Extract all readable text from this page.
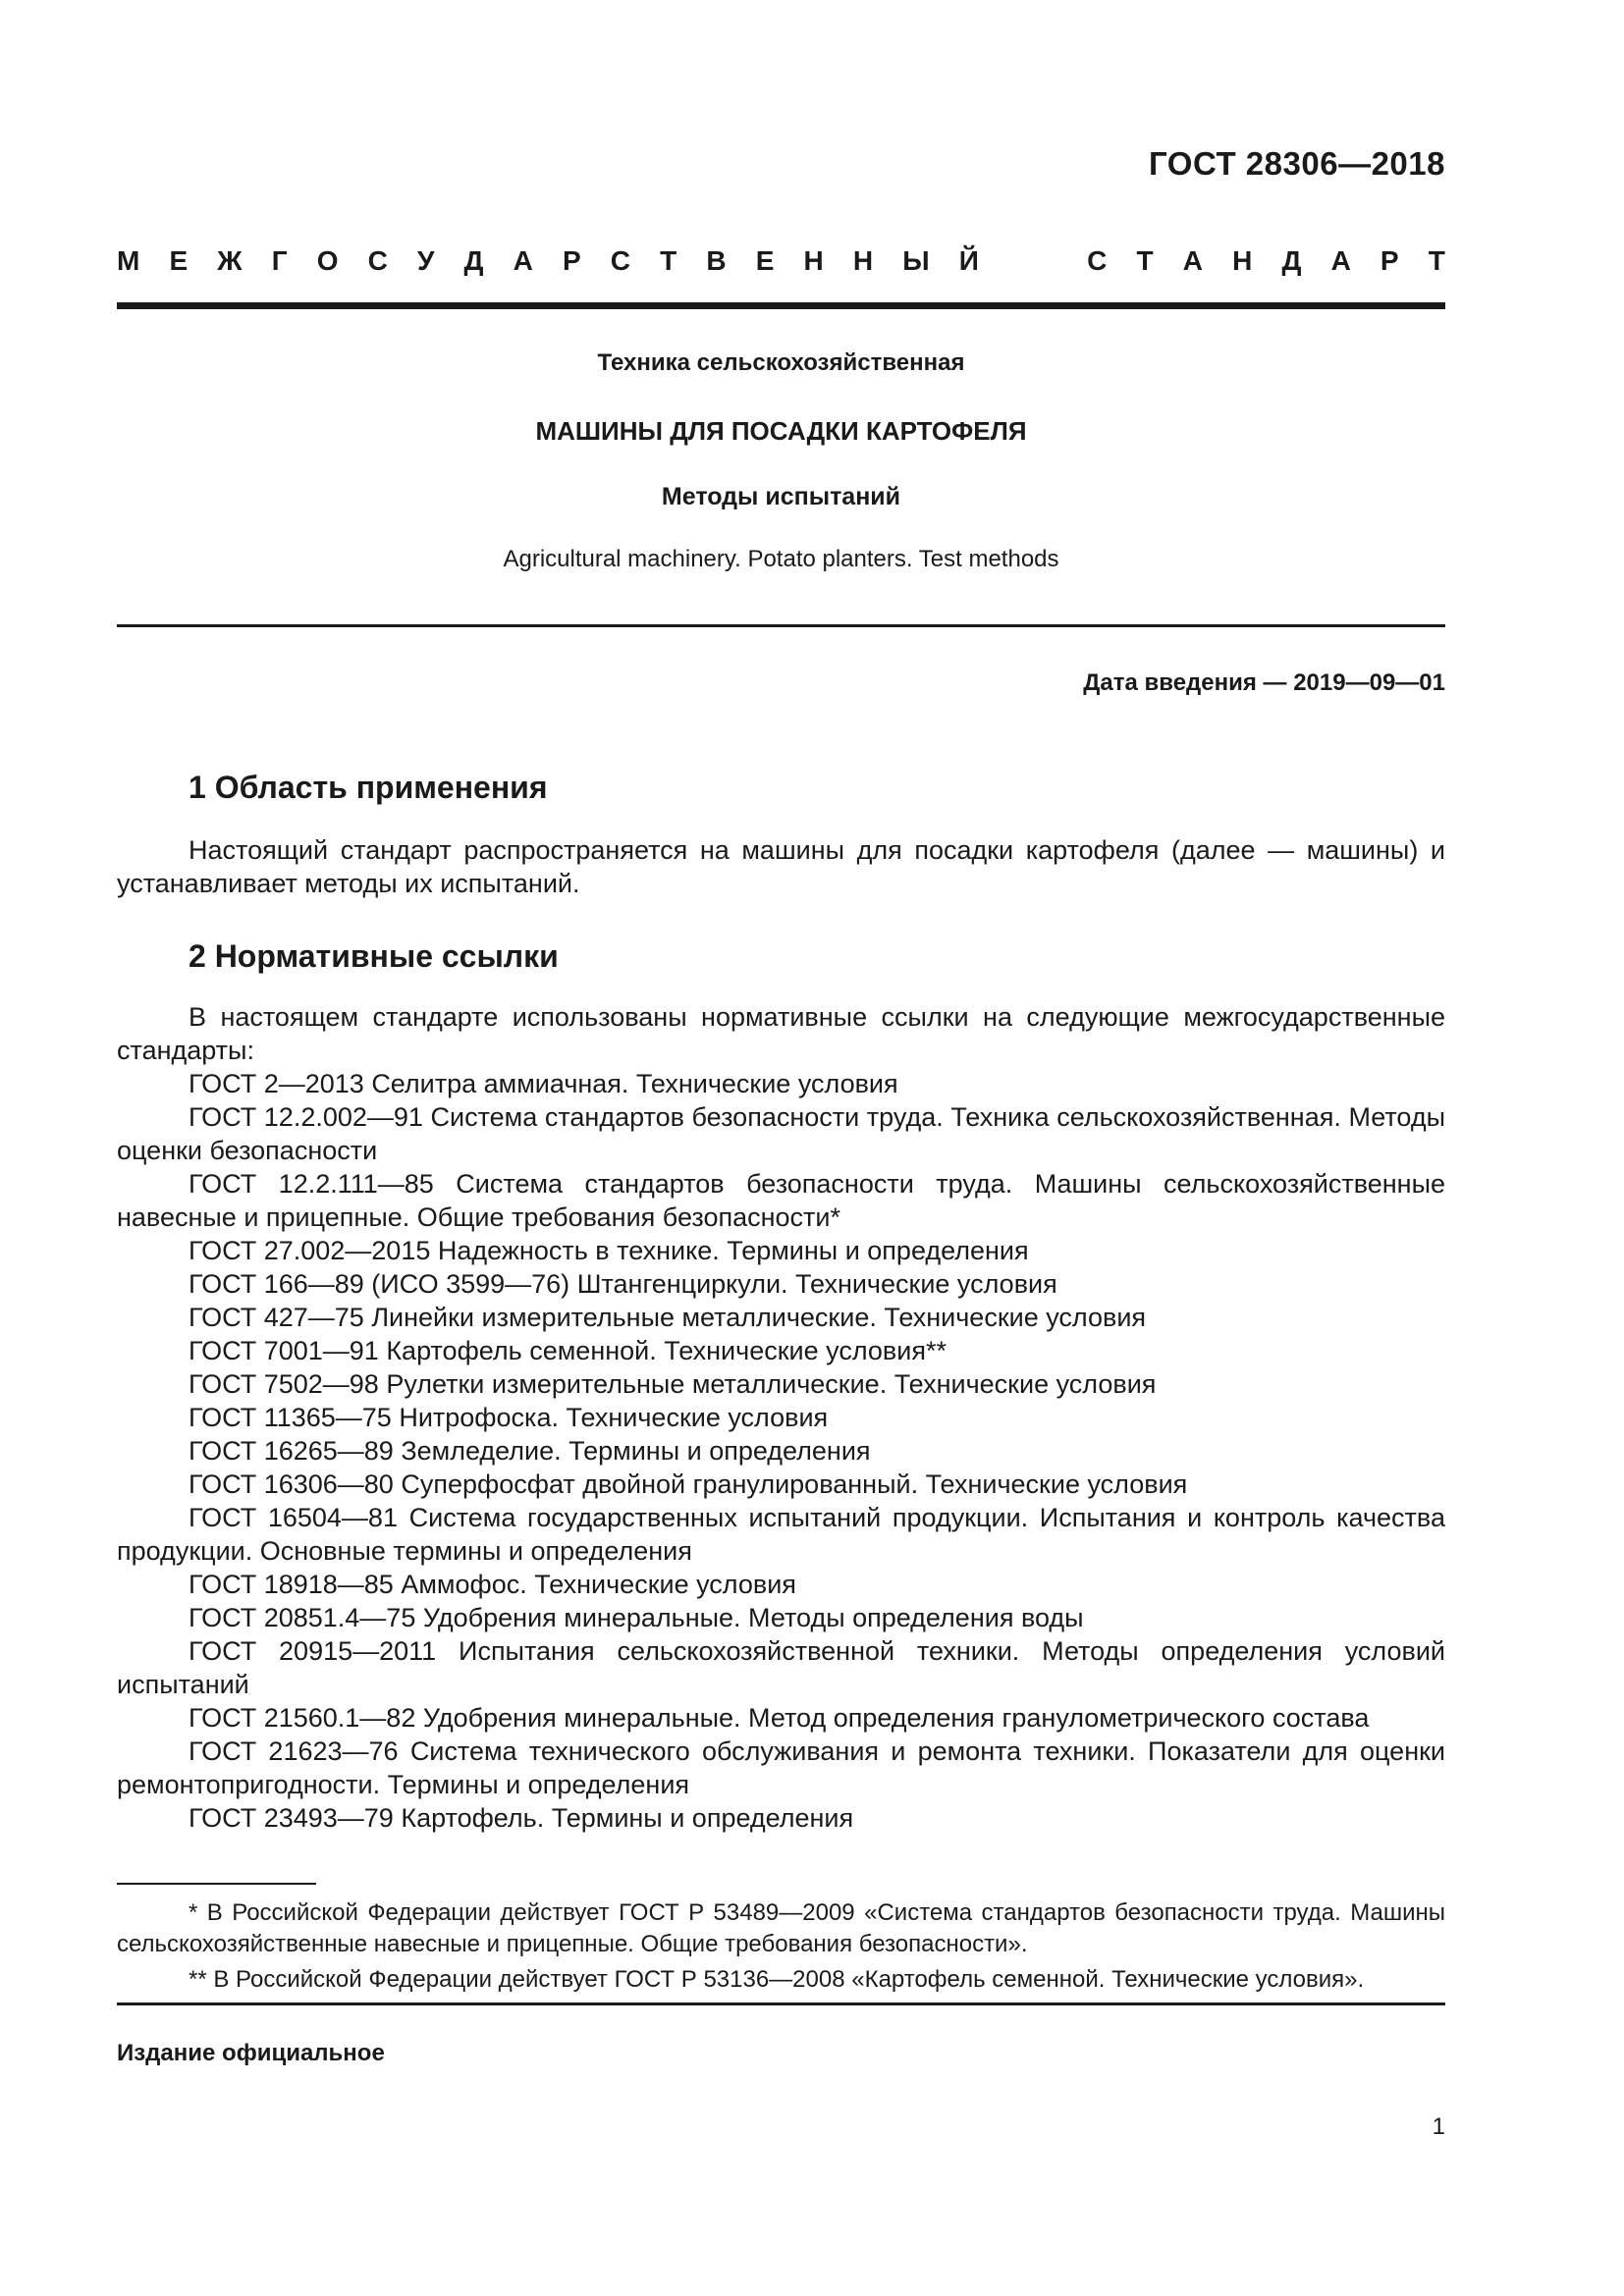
ГОСТ 28306—2018
М Е Ж Г О С У Д А Р С Т В Е Н Н Ы Й	С Т А Н Д А Р Т
Техника сельскохозяйственная
МАШИНЫ ДЛЯ ПОСАДКИ КАРТОФЕЛЯ
Методы испытаний
Agricultural machinery. Potato planters. Test methods
Дата введения — 2019—09—01
1 Область применения

Настоящий стандарт распространяется на машины для посадки картофеля (далее — машины) и устанавливает методы их испытаний.

2 Нормативные ссылки

В настоящем стандарте использованы нормативные ссылки на следующие межгосударственные стандарты:

ГОСТ 2—2013 Селитра аммиачная. Технические условия
ГОСТ 12.2.002—91 Система стандартов безопасности труда. Техника сельскохозяйственная. Методы оценки безопасности
ГОСТ 12.2.111—85 Система стандартов безопасности труда. Машины сельскохозяйственные навесные и прицепные. Общие требования безопасности*
ГОСТ 27.002—2015 Надежность в технике. Термины и определения
ГОСТ 166—89 (ИСО 3599—76) Штангенциркули. Технические условия
ГОСТ 427—75 Линейки измерительные металлические. Технические условия
ГОСТ 7001—91 Картофель семенной. Технические условия**
ГОСТ 7502—98 Рулетки измерительные металлические. Технические условия
ГОСТ 11365—75 Нитрофоска. Технические условия
ГОСТ 16265—89 Земледелие. Термины и определения
ГОСТ 16306—80 Суперфосфат двойной гранулированный. Технические условия
ГОСТ 16504—81 Система государственных испытаний продукции. Испытания и контроль качества продукции. Основные термины и определения
ГОСТ 18918—85 Аммофос. Технические условия
ГОСТ 20851.4—75 Удобрения минеральные. Методы определения воды
ГОСТ 20915—2011 Испытания сельскохозяйственной техники. Методы определения условий испытаний
ГОСТ 21560.1—82 Удобрения минеральные. Метод определения гранулометрического состава
ГОСТ 21623—76 Система технического обслуживания и ремонта техники. Показатели для оценки ремонтопригодности. Термины и определения
ГОСТ 23493—79 Картофель. Термины и определения

* В Российской Федерации действует ГОСТ Р 53489—2009 «Система стандартов безопасности труда. Машины сельскохозяйственные навесные и прицепные. Общие требования безопасности».

** В Российской Федерации действует ГОСТ Р 53136—2008 «Картофель семенной. Технические условия».

Издание официальное
1
